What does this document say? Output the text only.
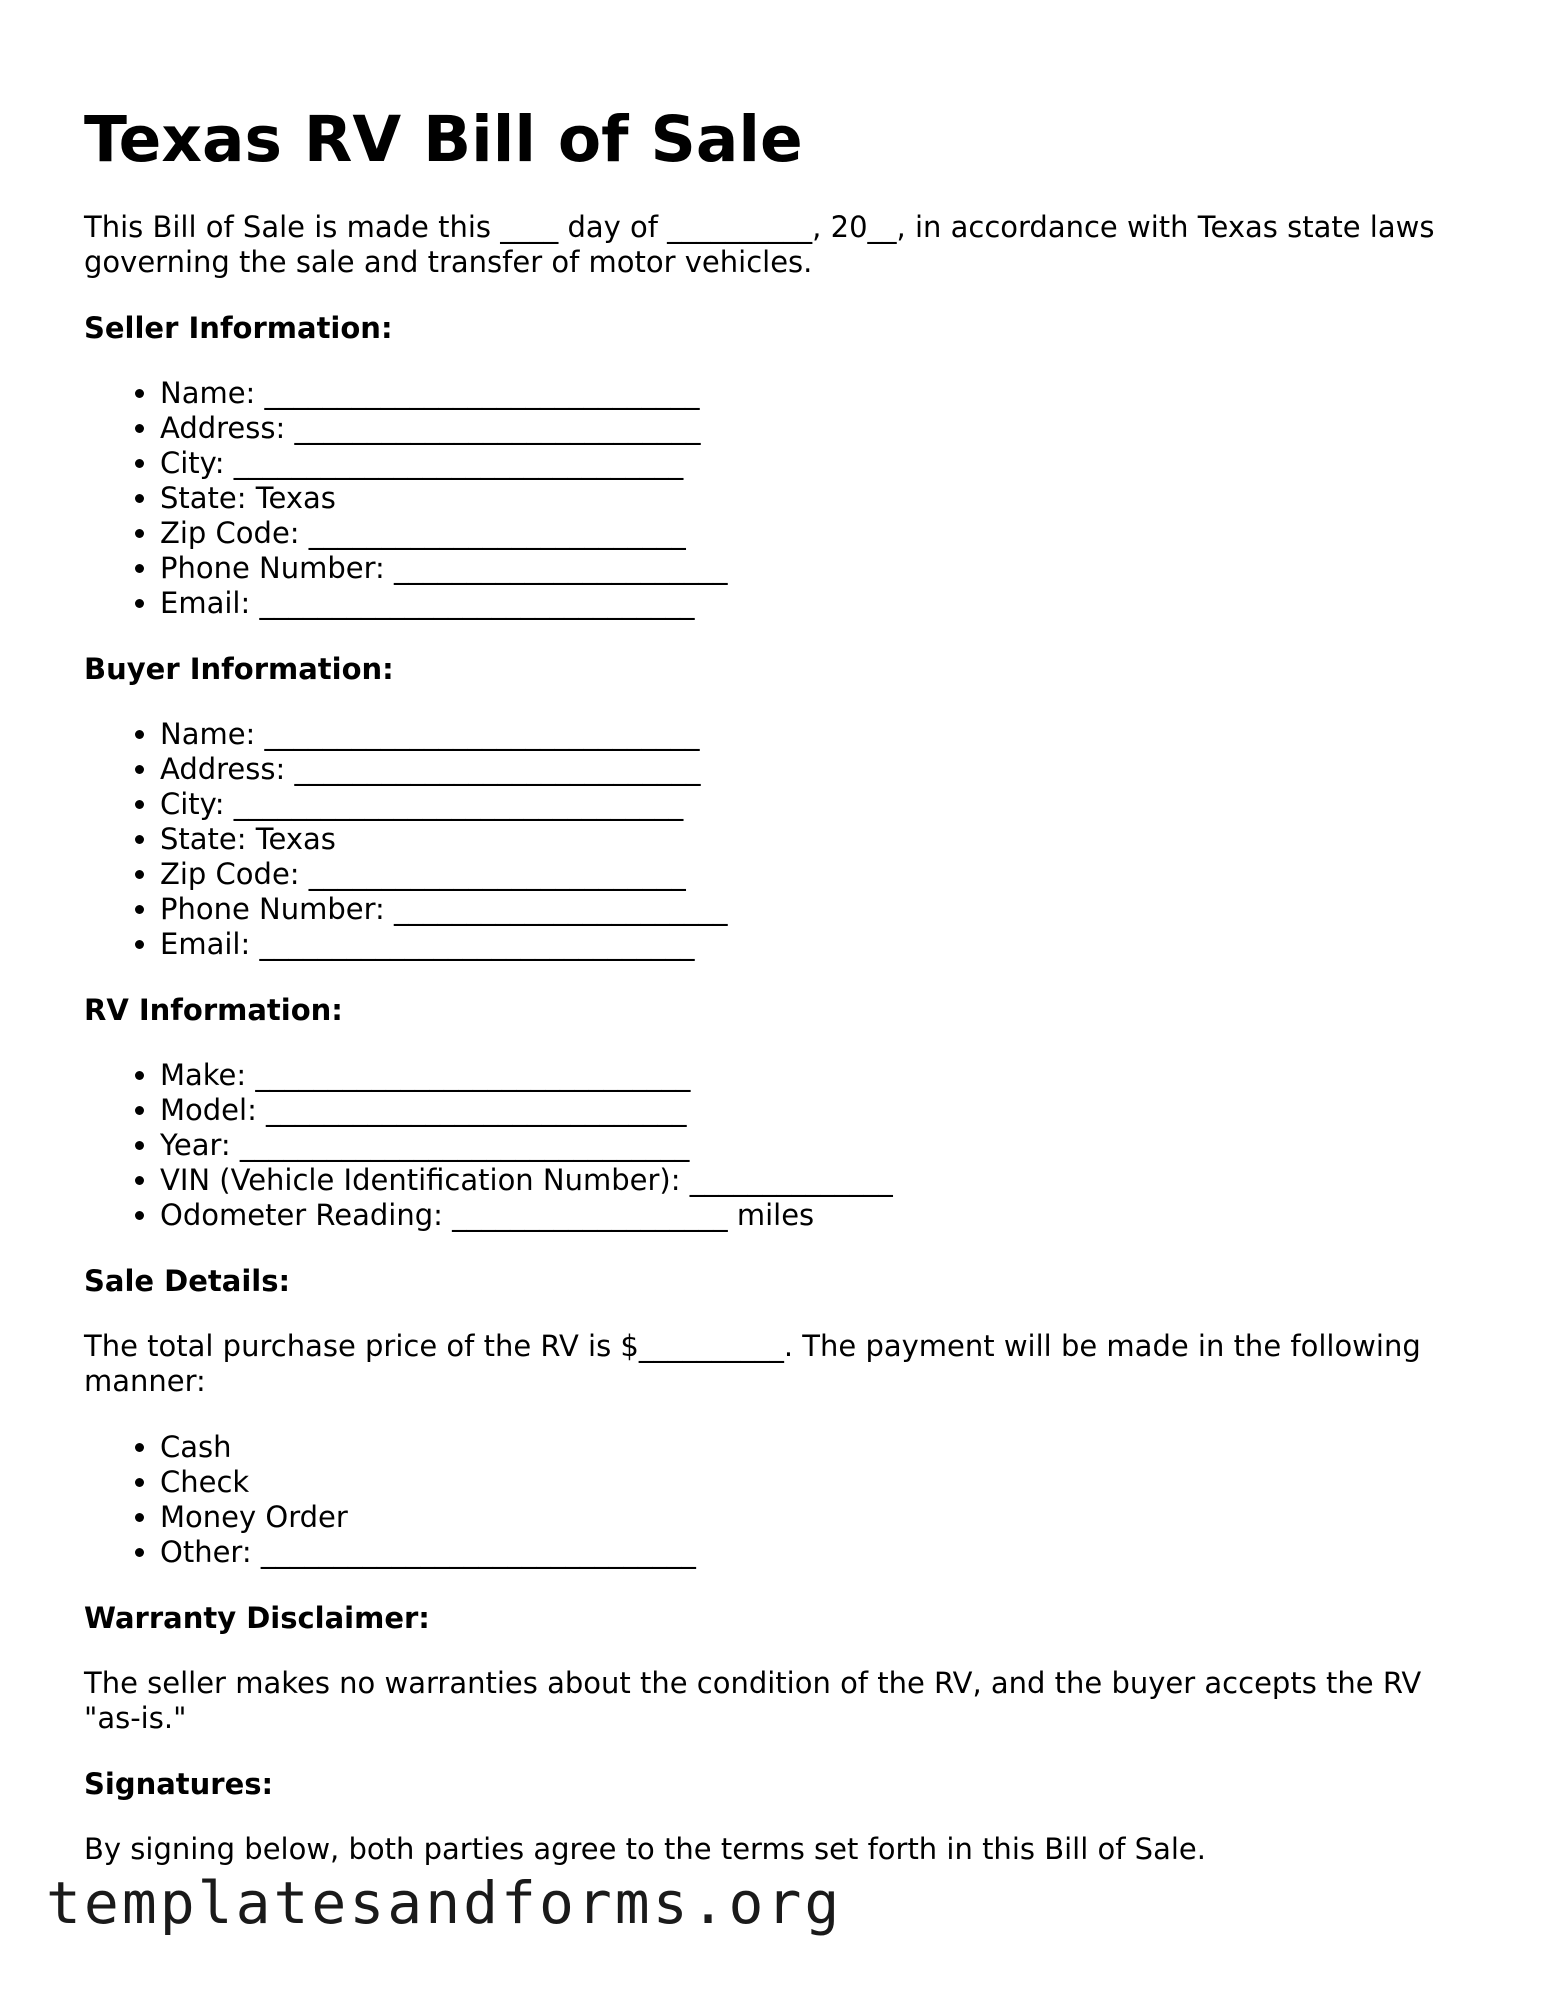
Texas RV Bill of Sale

This Bill of Sale is made this ____ day of __________, 20__, in accordance with Texas state laws governing the sale and transfer of motor vehicles.

Seller Information:
• Name: ______________________________
• Address: ____________________________
• City: _______________________________
• State: Texas
• Zip Code: __________________________
• Phone Number: _______________________
• Email: ______________________________
Buyer Information:
• Name: ______________________________
• Address: ____________________________
• City: _______________________________
• State: Texas
• Zip Code: __________________________
• Phone Number: _______________________
• Email: ______________________________
RV Information:
• Make: ______________________________
• Model: _____________________________
• Year: _______________________________
• VIN (Vehicle Identification Number): ______________
• Odometer Reading: ___________________ miles
Sale Details:

The total purchase price of the RV is $__________. The payment will be made in the following manner:

• Cash
• Check
• Money Order
• Other: ______________________________
Warranty Disclaimer:

The seller makes no warranties about the condition of the RV, and the buyer accepts the RV "as-is."

Signatures:

By signing below, both parties agree to the terms set forth in this Bill of Sale.

templatesandforms.org
